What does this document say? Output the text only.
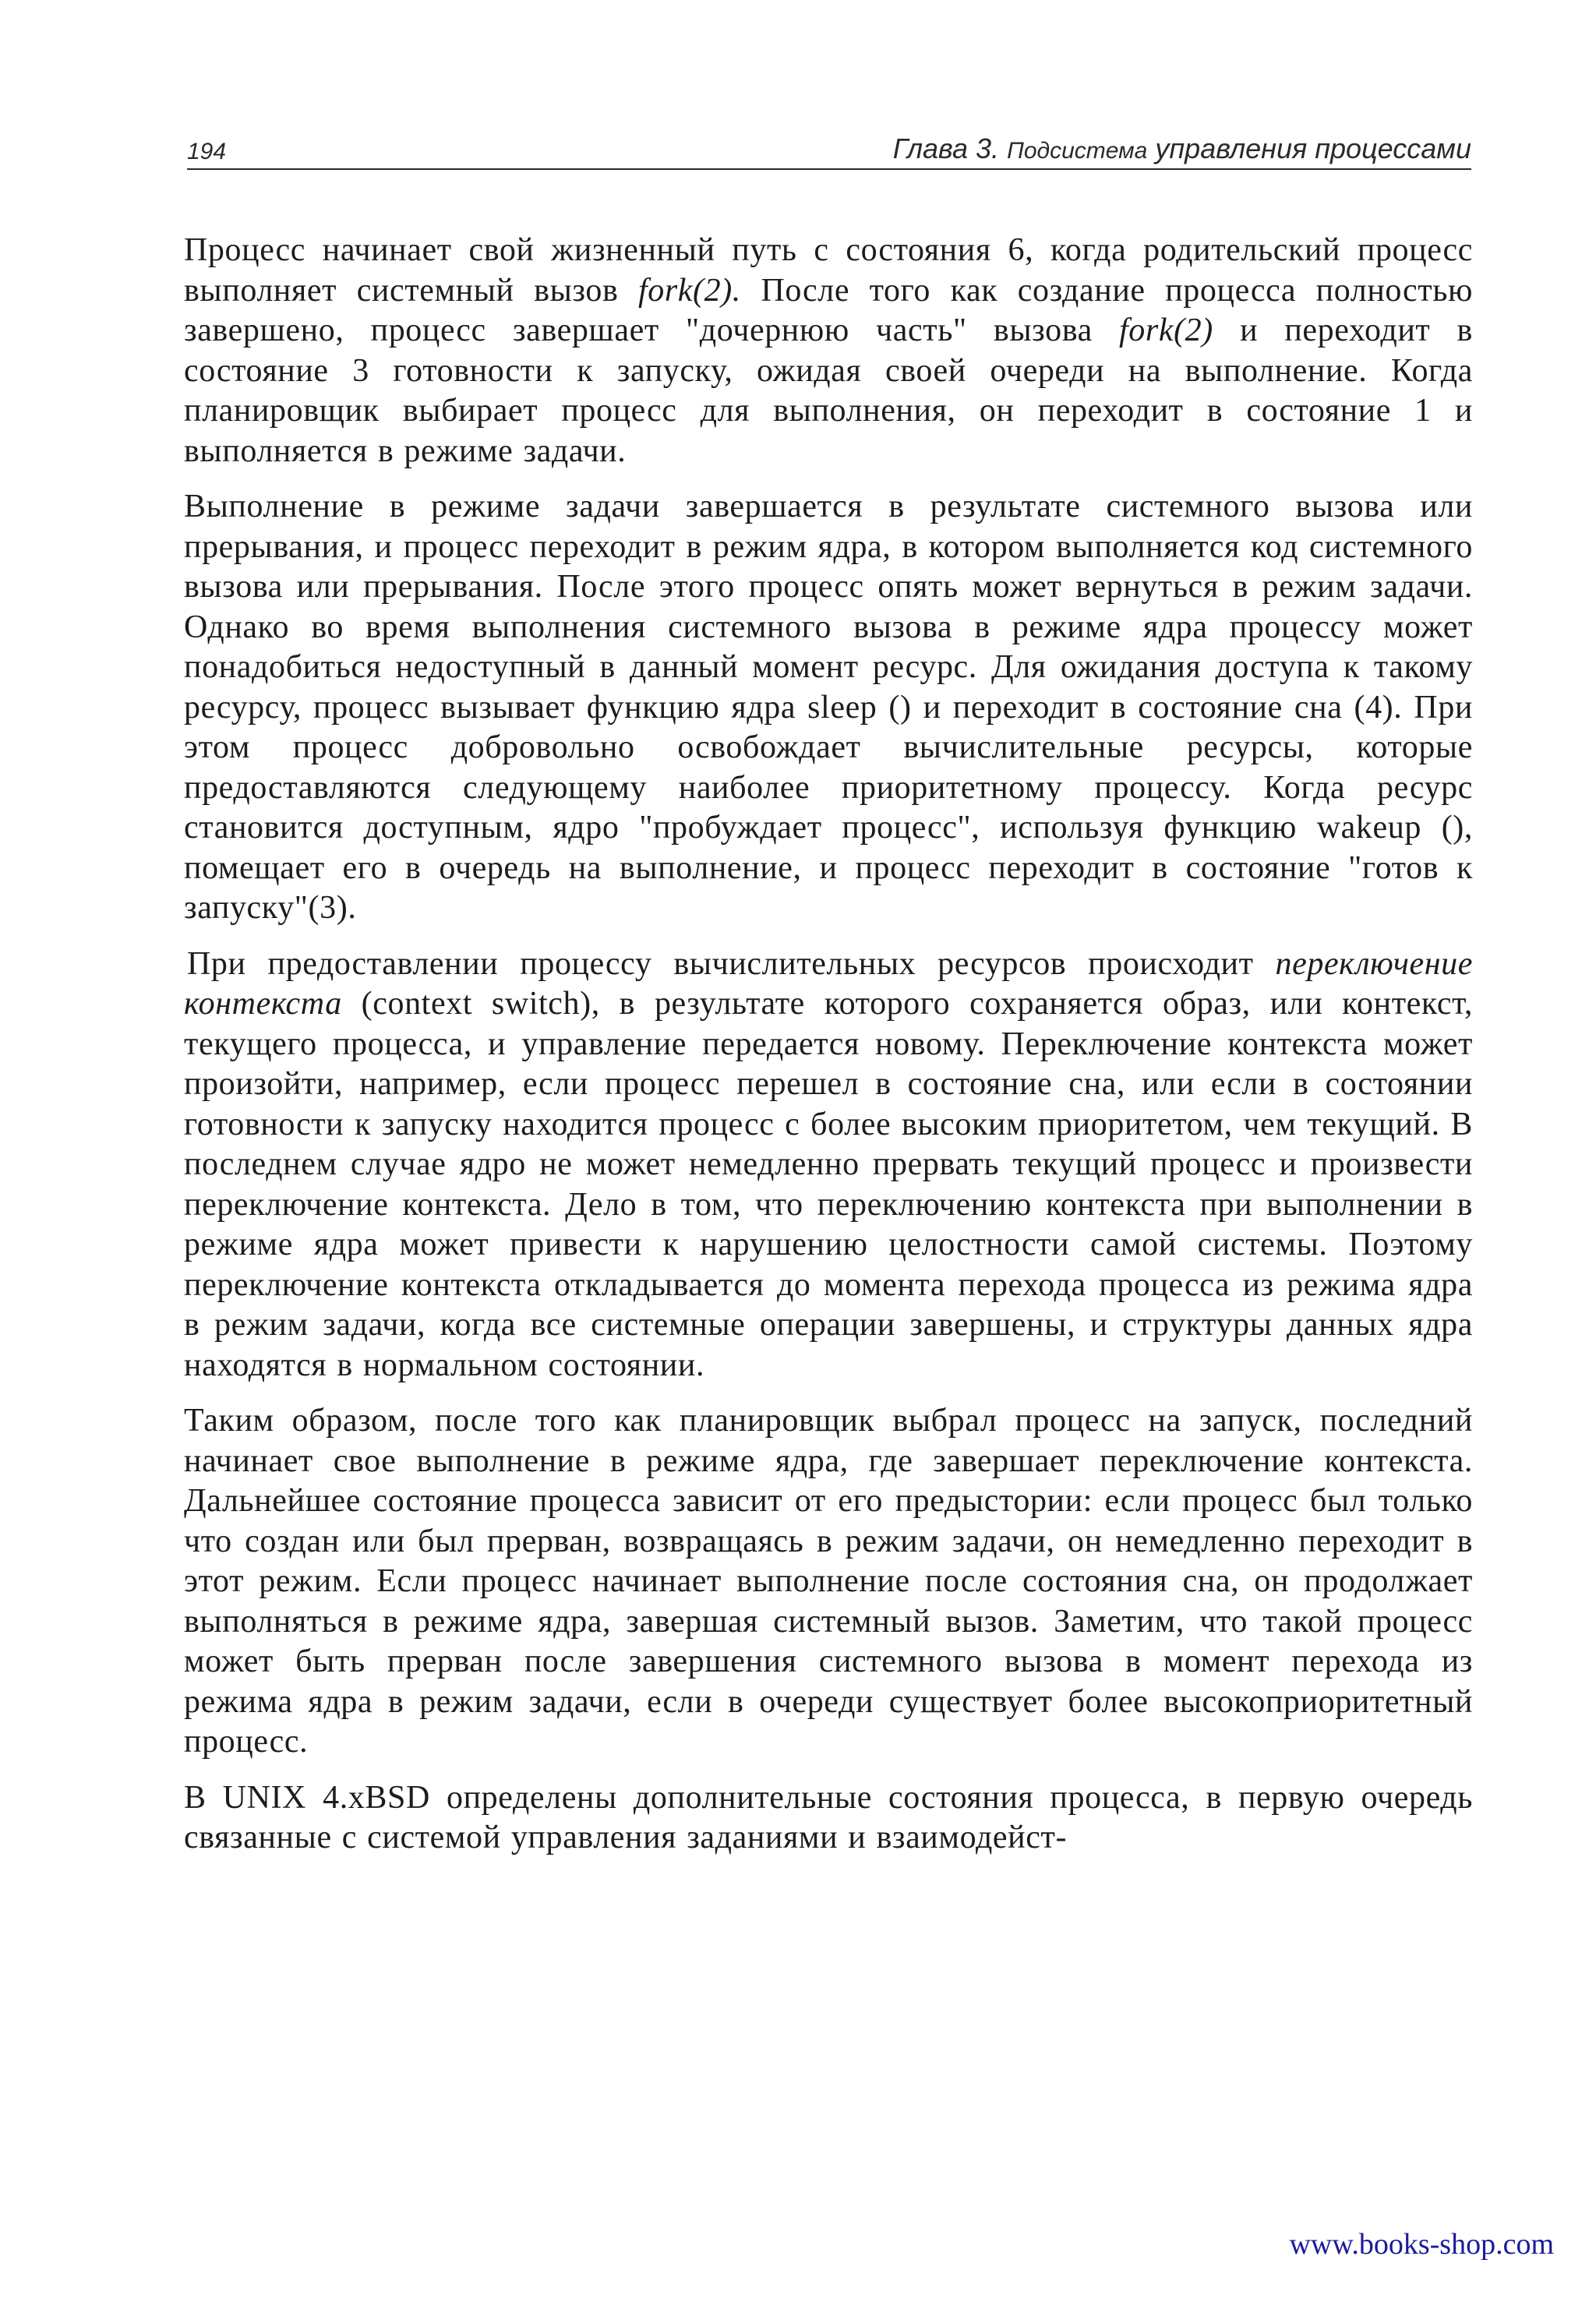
194	Глава 3. Подсистема управления процессами

Процесс начинает свой жизненный путь с состояния 6, когда родительский процесс выполняет системный вызов fork(2). После того как создание процесса полностью завершено, процесс завершает "дочернюю часть" вызова fork(2) и переходит в состояние 3 готовности к запуску, ожидая своей очереди на выполнение. Когда планировщик выбирает процесс для выполнения, он переходит в состояние 1 и выполняется в режиме задачи.

Выполнение в режиме задачи завершается в результате системного вызова или прерывания, и процесс переходит в режим ядра, в котором выполняется код системного вызова или прерывания. После этого процесс опять может вернуться в режим задачи. Однако во время выполнения системного вызова в режиме ядра процессу может понадобиться недоступный в данный момент ресурс. Для ожидания доступа к такому ресурсу, процесс вызывает функцию ядра sleep () и переходит в состояние сна (4). При этом процесс добровольно освобождает вычислительные ресурсы, которые предоставляются следующему наиболее приоритетному процессу. Когда ресурс становится доступным, ядро "пробуждает процесс", используя функцию wakeup (), помещает его в очередь на выполнение, и процесс переходит в состояние "готов к запуску"(3).

При предоставлении процессу вычислительных ресурсов происходит переключение контекста (context switch), в результате которого сохраняется образ, или контекст, текущего процесса, и управление передается новому. Переключение контекста может произойти, например, если процесс перешел в состояние сна, или если в состоянии готовности к запуску находится процесс с более высоким приоритетом, чем текущий. В последнем случае ядро не может немедленно прервать текущий процесс и произвести переключение контекста. Дело в том, что переключению контекста при выполнении в режиме ядра может привести к нарушению целостности самой системы. Поэтому переключение контекста откладывается до момента перехода процесса из режима ядра в режим задачи, когда все системные операции завершены, и структуры данных ядра находятся в нормальном состоянии.

Таким образом, после того как планировщик выбрал процесс на запуск, последний начинает свое выполнение в режиме ядра, где завершает переключение контекста. Дальнейшее состояние процесса зависит от его предыстории: если процесс был только что создан или был прерван, возвращаясь в режим задачи, он немедленно переходит в этот режим. Если процесс начинает выполнение после состояния сна, он продолжает выполняться в режиме ядра, завершая системный вызов. Заметим, что такой процесс может быть прерван после завершения системного вызова в момент перехода из режима ядра в режим задачи, если в очереди существует более высокоприоритетный процесс.

В UNIX 4.xBSD определены дополнительные состояния процесса, в первую очередь связанные с системой управления заданиями и взаимодейст-

www.books-shop.com
